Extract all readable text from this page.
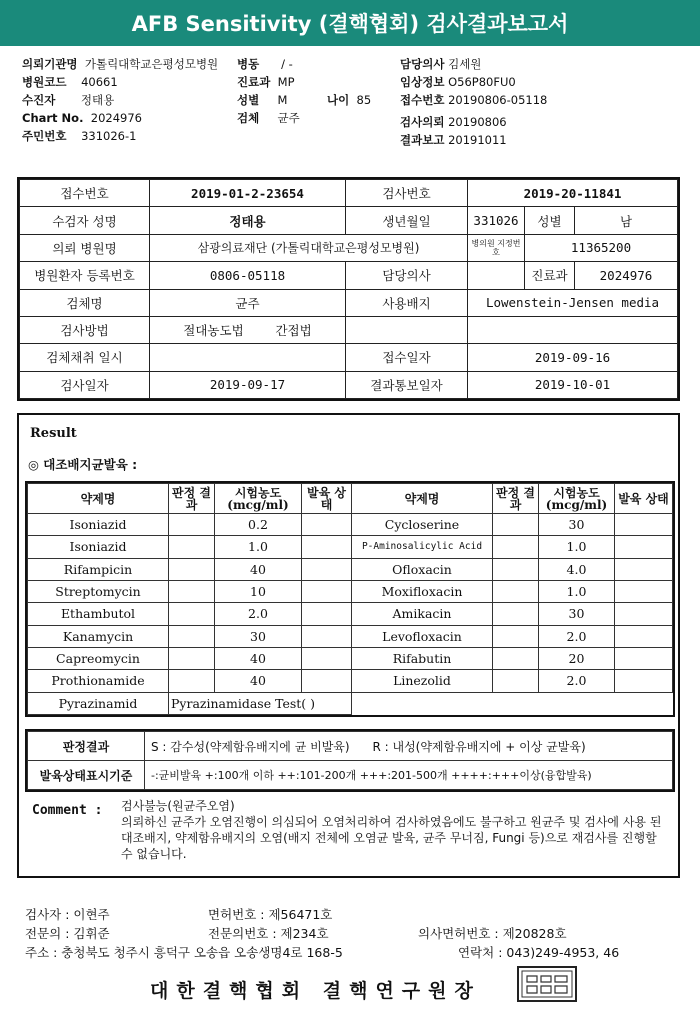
AFB Sensitivity (결핵협회) 검사결과보고서
의뢰기관명 가톨릭대학교은평성모병원
병원코드 40661
수진자 정태용
Chart No. 2024976
주민번호 331026-1
병동 / -
진료과 MP
성별 M
검체 균주
나이 85
담당의사 김세원
임상정보 O56P80FU0
접수번호 20190806-05118
검사의뢰 20190806
결과보고 20191011
접수번호	2019-01-2-23654	검사번호	2019-20-11841		
수검자 성명	정태용	생년월일	331026	성별	남
의뢰 병원명	삼광의료재단 (가톨릭대학교은평성모병원)		병의원 지정번호	11365200	
병원환자 등록번호	0806-05118	담당의사		진료과	2024976
검체명	균주	사용배지	Lowenstein-Jensen media		
검사방법	절대농도법 간접법				
검체채취 일시		접수일자	2019-09-16		
검사일자	2019-09-17	결과통보일자	2019-10-01		
Result
◎ 대조배지균발육 :
약제명	판정 결과	시험농도 (mcg/ml)	발육 상태	약제명	판정 결과	시험농도 (mcg/ml)	발육 상태
Isoniazid		0.2		Cycloserine		30	
Isoniazid		1.0		P-Aminosalicylic Acid		1.0	
Rifampicin		40		Ofloxacin		4.0	
Streptomycin		10		Moxifloxacin		1.0	
Ethambutol		2.0		Amikacin		30	
Kanamycin		30		Levofloxacin		2.0	
Capreomycin		40		Rifabutin		20	
Prothionamide		40		Linezolid		2.0	
Pyrazinamid	Pyrazinamidase Test( )						
판정결과	S : 감수성(약제함유배지에 균 비발육) R : 내성(약제함유배지에 + 이상 균발육)
발육상태표시기준	-:균비발육 +:100개 이하 ++:101-200개 +++:201-500개 ++++:+++이상(융합발육)
Comment : 검사불능(원균주오염)
의뢰하신 균주가 오염진행이 의심되어 오염처리하여 검사하였음에도 불구하고 원균주 및 검사에 사용 된 대조배지, 약제함유배지의 오염(배지 전체에 오염균 발육, 균주 무너짐, Fungi 등)으로 재검사를 진행할 수 없습니다.
검사자 : 이현주	면허번호 : 제56471호
전문의 : 김휘준	전문의번호 : 제234호	의사면허번호 : 제20828호
주소 : 충청북도 청주시 흥덕구 오송읍 오송생명4로 168-5	연락처 : 043)249-4953, 46
대한결핵협회 결핵연구원장
